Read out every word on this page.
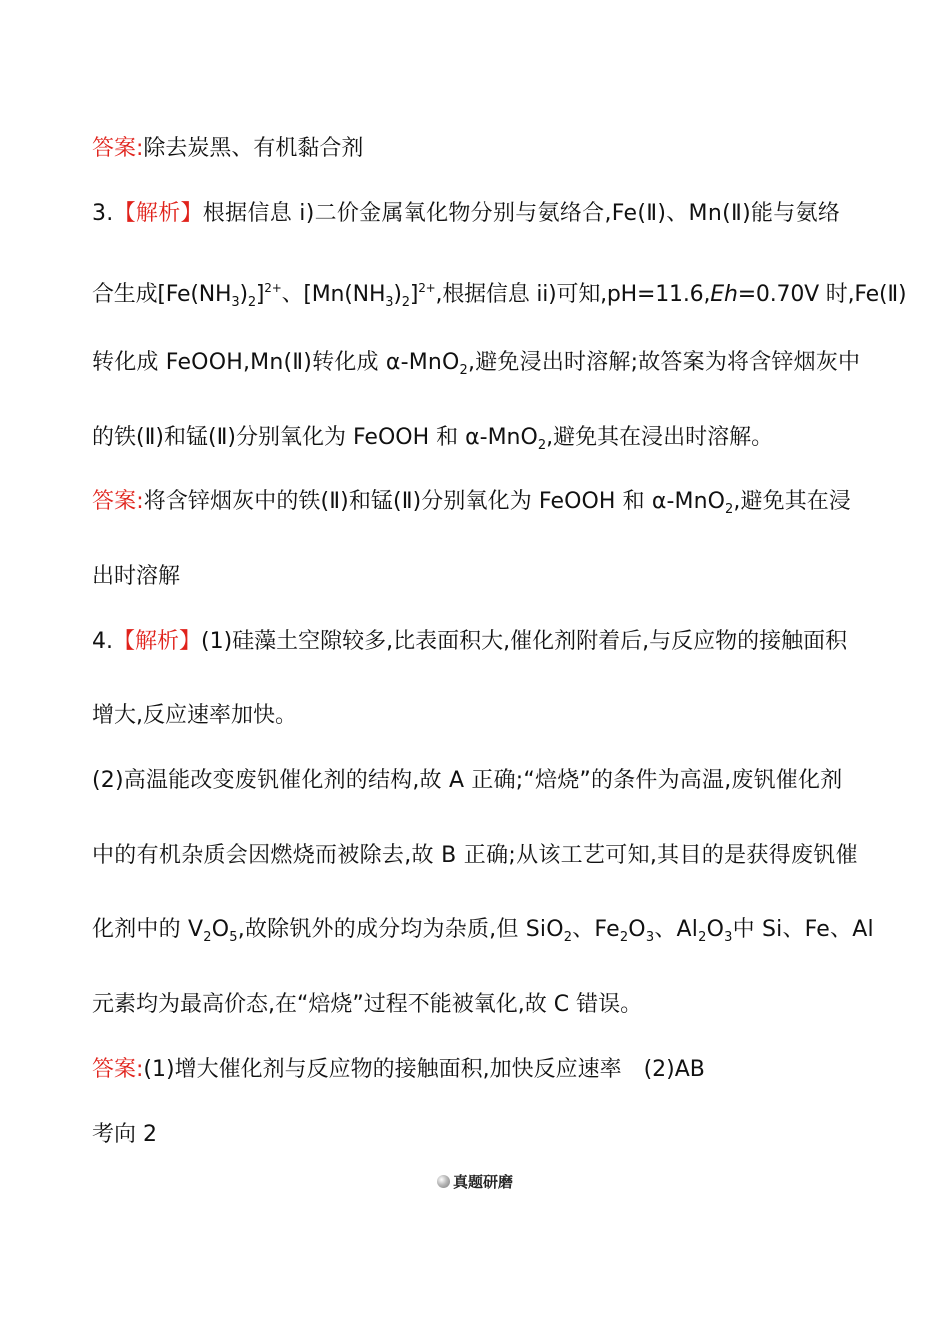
答案:除去炭黑、有机黏合剂
3.【解析】根据信息 i)二价金属氧化物分别与氨络合,Fe(Ⅱ)、Mn(Ⅱ)能与氨络
合生成$[Fe(NH_3)_2]^{2+}$、$[Mn(NH_3)_2]^{2+}$,根据信息 ii)可知,pH=11.6,Eh=0.70V 时,Fe(Ⅱ)
转化成 FeOOH,Mn(Ⅱ)转化成 α-MnO$_2$,避免浸出时溶解;故答案为将含锌烟灰中
的铁(Ⅱ)和锰(Ⅱ)分别氧化为 FeOOH 和 α-MnO$_2$,避免其在浸出时溶解。
答案:将含锌烟灰中的铁(Ⅱ)和锰(Ⅱ)分别氧化为 FeOOH 和 α-MnO$_2$,避免其在浸
出时溶解
4.【解析】(1)硅藻土空隙较多,比表面积大,催化剂附着后,与反应物的接触面积
增大,反应速率加快。
(2)高温能改变废钒催化剂的结构,故 A 正确;“焙烧”的条件为高温,废钒催化剂
中的有机杂质会因燃烧而被除去,故 B 正确;从该工艺可知,其目的是获得废钒催
化剂中的 $V_2O_5$,故除钒外的成分均为杂质,但 SiO$_2$、$Fe_2O_3$、$Al_2O_3$中 Si、Fe、Al
元素均为最高价态,在“焙烧”过程不能被氧化,故 C 错误。
答案:(1)增大催化剂与反应物的接触面积,加快反应速率　(2)AB
考向 2
真题研磨
